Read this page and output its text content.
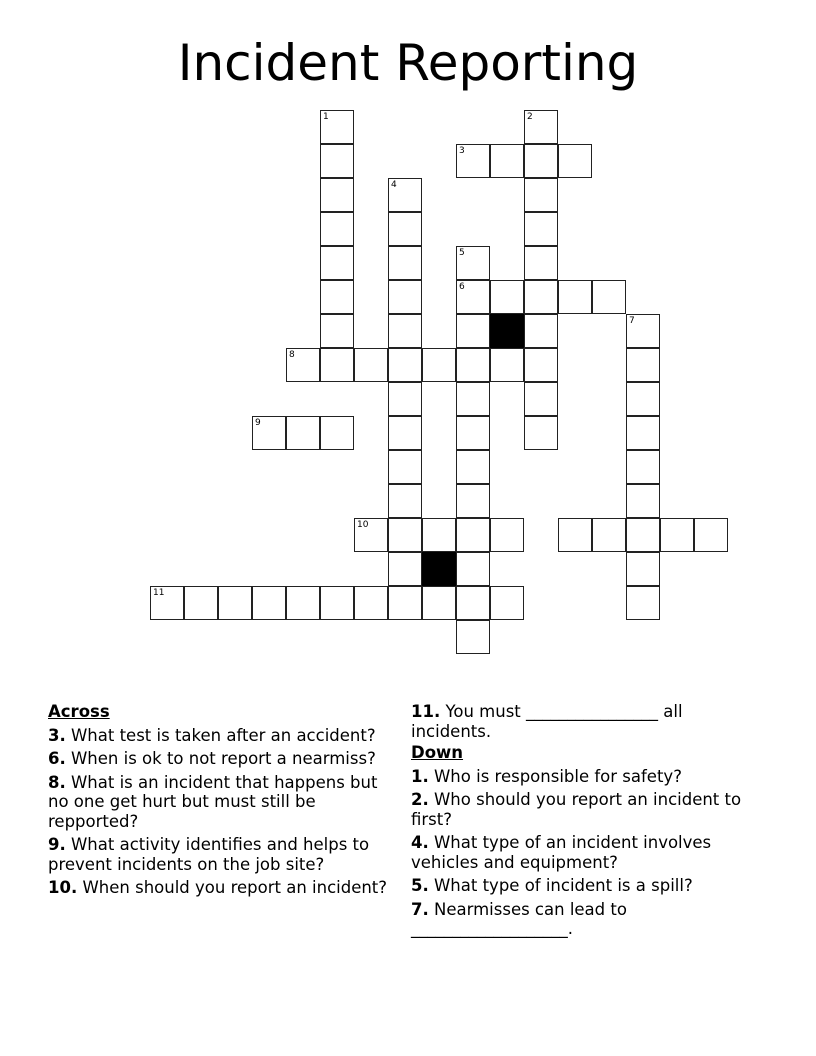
Incident Reporting
1	2
3
4
5
6
7
8
9
10
11
Across
3. What test is taken after an accident?
6. When is ok to not report a nearmiss?
8. What is an incident that happens but no one get hurt but must still be repported?
9. What activity identifies and helps to prevent incidents on the job site?
10. When should you report an incident?
11. You must ________________ all incidents.
Down
1. Who is responsible for safety?
2. Who should you report an incident to first?
4. What type of an incident involves vehicles and equipment?
5. What type of incident is a spill?
7. Nearmisses can lead to ___________________.
